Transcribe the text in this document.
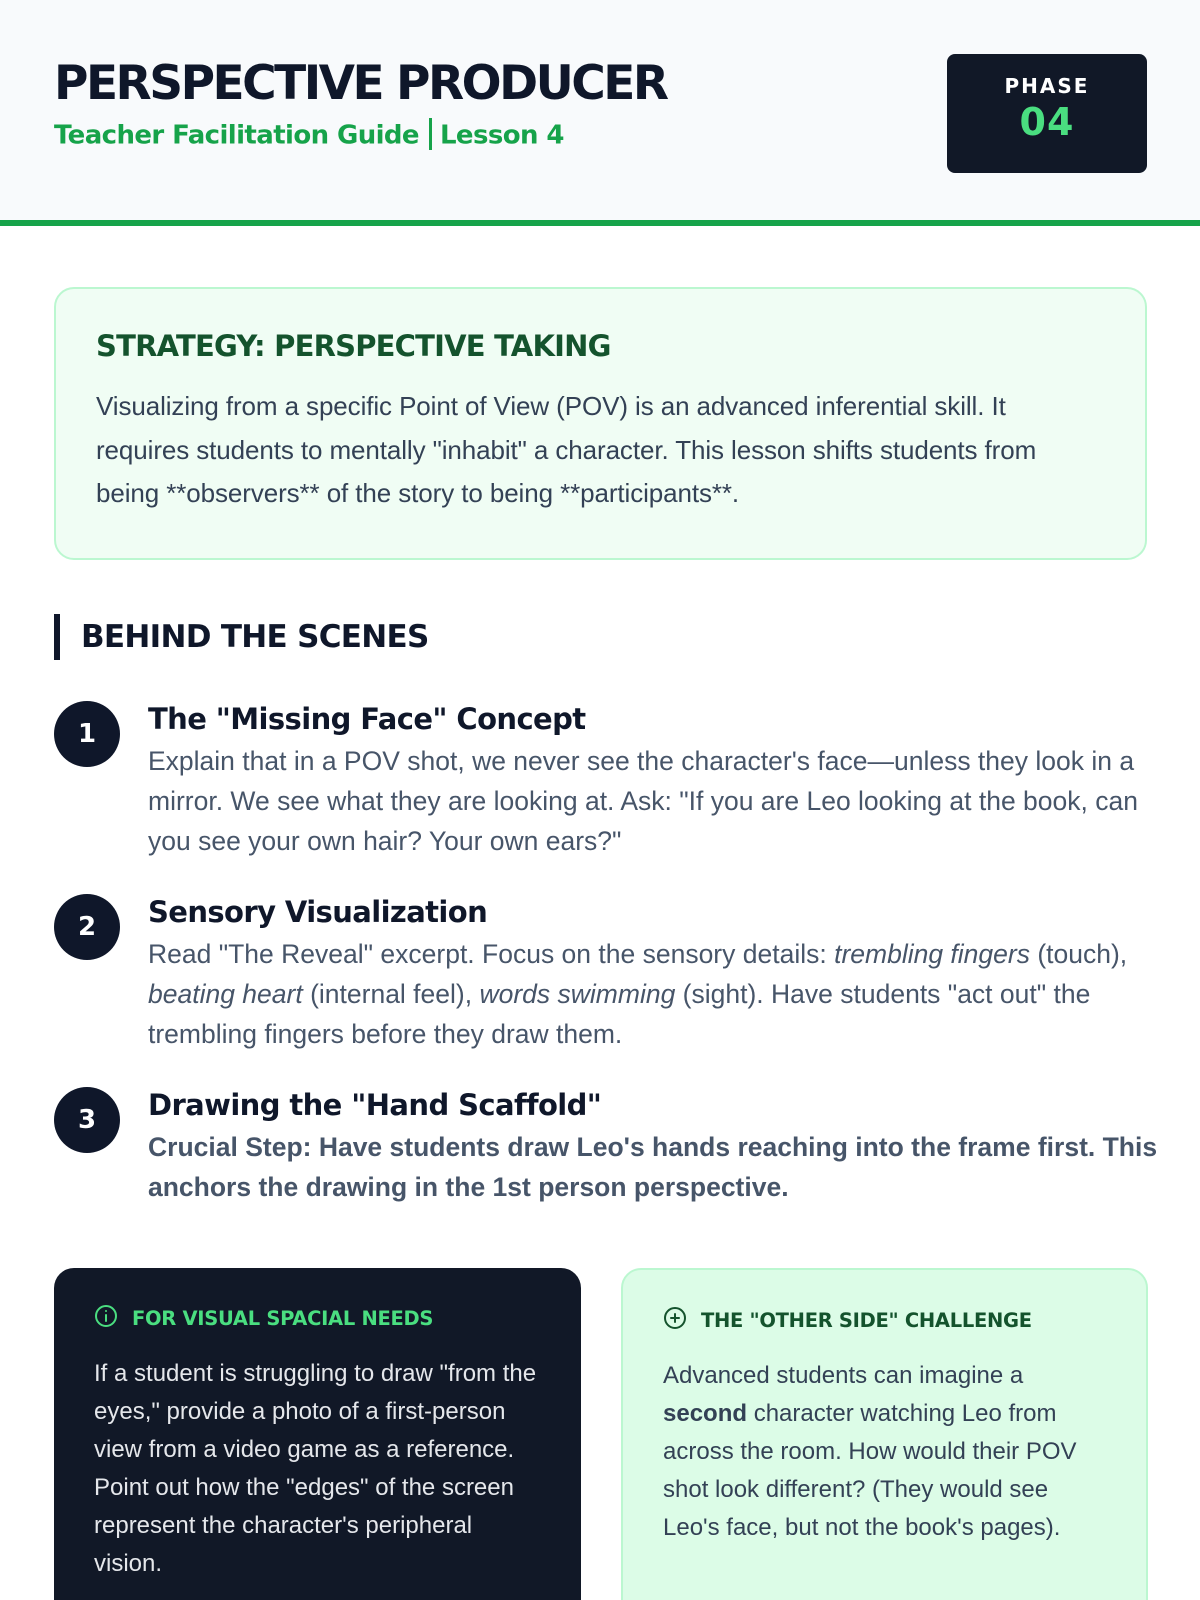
PERSPECTIVE PRODUCER
Teacher Facilitation Guide Lesson 4
PHASE
04
STRATEGY: PERSPECTIVE TAKING

Visualizing from a specific Point of View (POV) is an advanced inferential skill. It requires students to mentally "inhabit" a character. This lesson shifts students from being **observers** of the story to being **participants**.

BEHIND THE SCENES
1	The "Missing Face" Concept

Explain that in a POV shot, we never see the character's face—unless they look in a mirror. We see what they are looking at. Ask: "If you are Leo looking at the book, can you see your own hair? Your own ears?"

2	Sensory Visualization

Read "The Reveal" excerpt. Focus on the sensory details: trembling fingers (touch), beating heart (internal feel), words swimming (sight). Have students "act out" the trembling fingers before they draw them.

3	Drawing the "Hand Scaffold"

Crucial Step: Have students draw Leo's hands reaching into the frame first. This anchors the drawing in the 1st person perspective.

FOR VISUAL SPACIAL NEEDS

If a student is struggling to draw "from the eyes," provide a photo of a first-person view from a video game as a reference. Point out how the "edges" of the screen represent the character's peripheral vision.

THE "OTHER SIDE" CHALLENGE

Advanced students can imagine a second character watching Leo from across the room. How would their POV shot look different? (They would see Leo's face, but not the book's pages).
